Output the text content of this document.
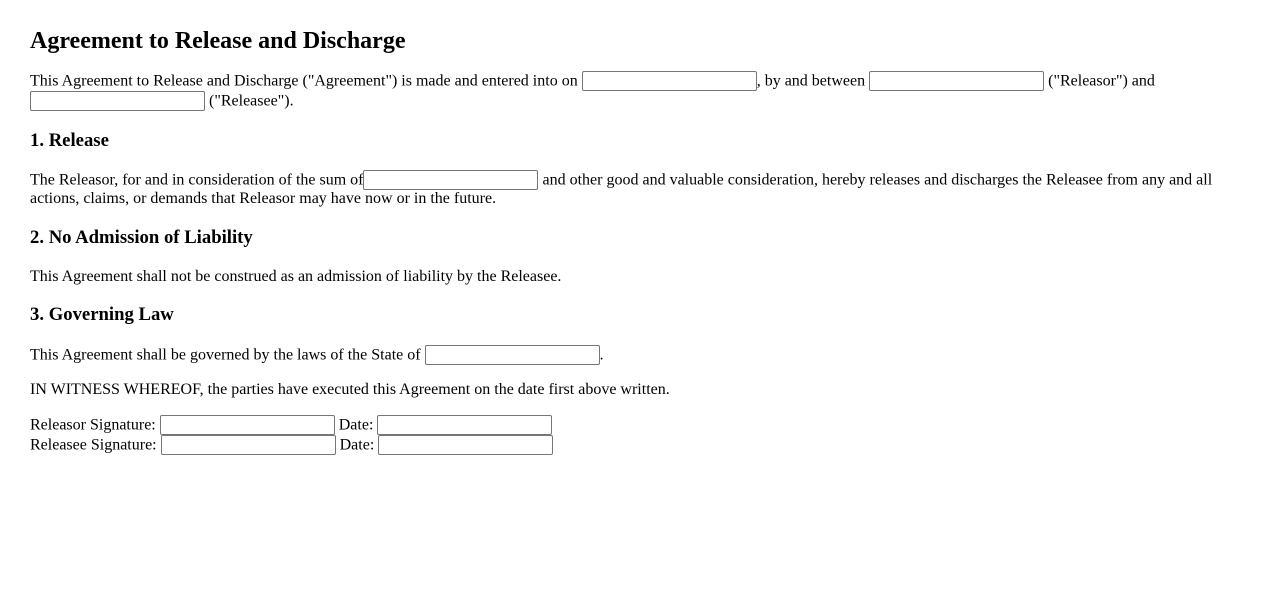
Agreement to Release and Discharge

This Agreement to Release and Discharge ("Agreement") is made and entered into on	, by and between	("Releasor") and  ("Releasee").

1. Release

The Releasor, for and in consideration of the sum of	and other good and valuable consideration, hereby releases and discharges the Releasee from any and all actions, claims, or demands that Releasor may have now or in the future.

2. No Admission of Liability

This Agreement shall not be construed as an admission of liability by the Releasee.

3. Governing Law

This Agreement shall be governed by the laws of the State of	.

IN WITNESS WHEREOF, the parties have executed this Agreement on the date first above written.

Releasor Signature:	Date:
Releasee Signature:	Date:
